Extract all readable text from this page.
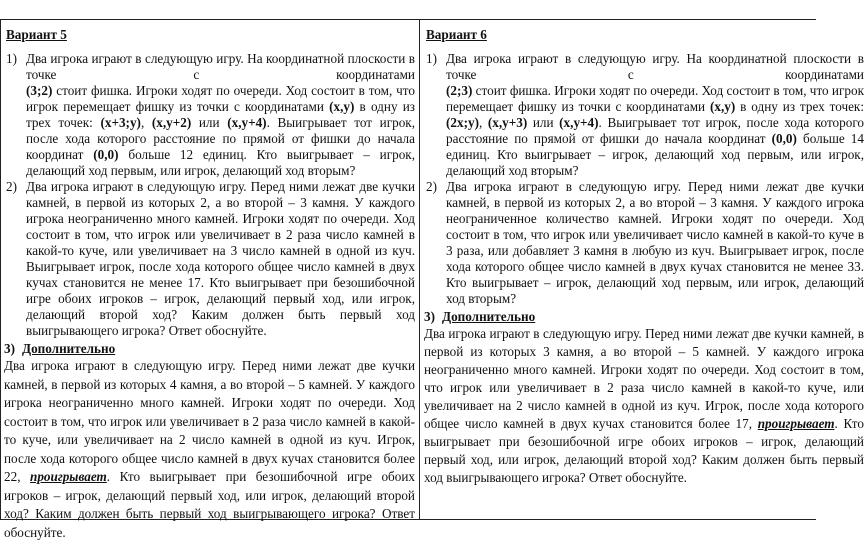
Вариант 5
1) Два игрока играют в следующую игру. На координатной плоскости в
точке с координатами
(3;2) стоит фишка. Игроки ходят по очереди. Ход состоит в том, что игрок перемещает фишку из точки с координатами (x,y) в одну из трех точек: (x+3;y), (x,y+2) или (x,y+4). Выигрывает тот игрок, после хода которого расстояние по прямой от фишки до начала координат (0,0) больше 12 единиц. Кто выигрывает – игрок, делающий ход первым, или игрок, делающий ход вторым?
2) Два игрока играют в следующую игру. Перед ними лежат две кучки камней, в первой из которых 2, а во второй – 3 камня. У каждого игрока неограниченно много камней. Игроки ходят по очереди. Ход состоит в том, что игрок или увеличивает в 2 раза число камней в какой-то куче, или увеличивает на 3 число камней в одной из куч. Выигрывает игрок, после хода которого общее число камней в двух кучах становится не менее 17. Кто выигрывает при безошибочной игре обоих игроков – игрок, делающий первый ход, или игрок, делающий второй ход? Каким должен быть первый ход выигрывающего игрока? Ответ обоснуйте.
3) Дополнительно
Два игрока играют в следующую игру. Перед ними лежат две кучки камней, в первой из которых 4 камня, а во второй – 5 камней. У каждого игрока неограниченно много камней. Игроки ходят по очереди. Ход состоит в том, что игрок или увеличивает в 2 раза число камней в какой-то куче, или увеличивает на 2 число камней в одной из куч. Игрок, после хода которого общее число камней в двух кучах становится более 22, проигрывает. Кто выигрывает при безошибочной игре обоих игроков – игрок, делающий первый ход, или игрок, делающий второй ход? Каким должен быть первый ход выигрывающего игрока? Ответ обоснуйте.
Вариант 6
1) Два игрока играют в следующую игру. На координатной плоскости в
точке с координатами
(2;3) стоит фишка. Игроки ходят по очереди. Ход состоит в том, что игрок перемещает фишку из точки с координатами (x,y) в одну из трех точек: (2x;y), (x,y+3) или (x,y+4). Выигрывает тот игрок, после хода которого расстояние по прямой от фишки до начала координат (0,0) больше 14 единиц. Кто выигрывает – игрок, делающий ход первым, или игрок, делающий ход вторым?
2) Два игрока играют в следующую игру. Перед ними лежат две кучки камней, в первой из которых 2, а во второй – 3 камня. У каждого игрока неограниченное количество камней. Игроки ходят по очереди. Ход состоит в том, что игрок или увеличивает число камней в какой-то куче в 3 раза, или добавляет 3 камня в любую из куч. Выигрывает игрок, после хода которого общее число камней в двух кучах становится не менее 33. Кто выигрывает – игрок, делающий ход первым, или игрок, делающий ход вторым?
3) Дополнительно
Два игрока играют в следующую игру. Перед ними лежат две кучки камней, в первой из которых 3 камня, а во второй – 5 камней. У каждого игрока неограниченно много камней. Игроки ходят по очереди. Ход состоит в том, что игрок или увеличивает в 2 раза число камней в какой-то куче, или увеличивает на 2 число камней в одной из куч. Игрок, после хода которого общее число камней в двух кучах становится более 17, проигрывает. Кто выигрывает при безошибочной игре обоих игроков – игрок, делающий первый ход, или игрок, делающий второй ход? Каким должен быть первый ход выигрывающего игрока? Ответ обоснуйте.
